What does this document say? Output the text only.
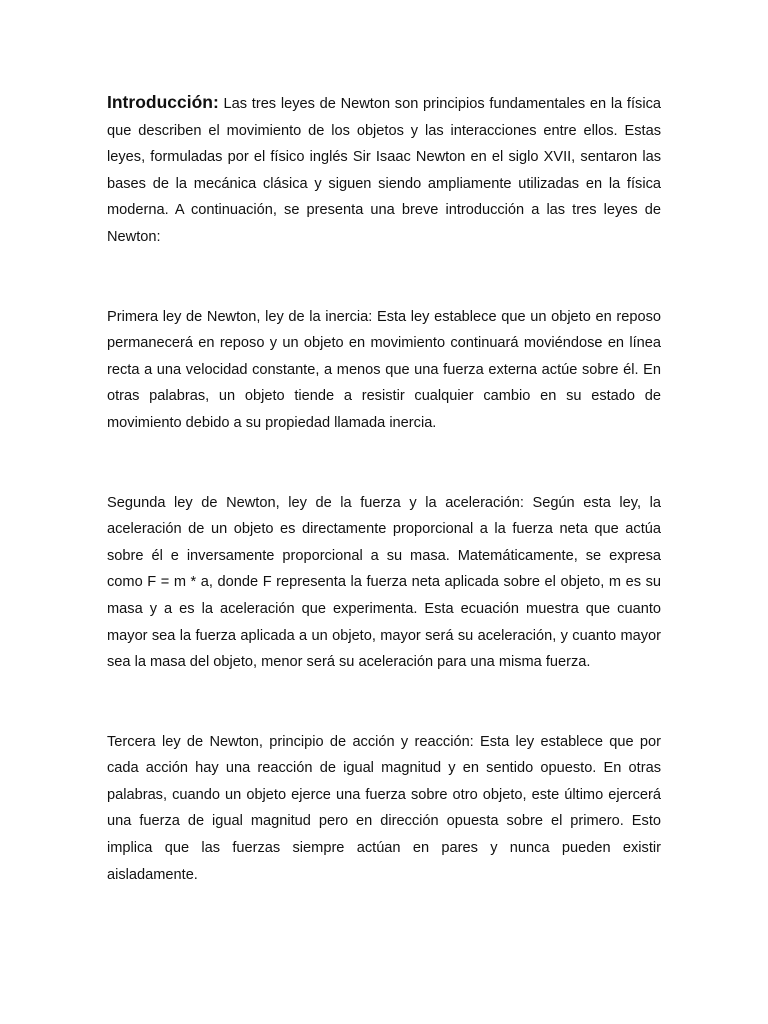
Introducción: Las tres leyes de Newton son principios fundamentales en la física que describen el movimiento de los objetos y las interacciones entre ellos. Estas leyes, formuladas por el físico inglés Sir Isaac Newton en el siglo XVII, sentaron las bases de la mecánica clásica y siguen siendo ampliamente utilizadas en la física moderna. A continuación, se presenta una breve introducción a las tres leyes de Newton:

Primera ley de Newton, ley de la inercia: Esta ley establece que un objeto en reposo permanecerá en reposo y un objeto en movimiento continuará moviéndose en línea recta a una velocidad constante, a menos que una fuerza externa actúe sobre él. En otras palabras, un objeto tiende a resistir cualquier cambio en su estado de movimiento debido a su propiedad llamada inercia.

Segunda ley de Newton, ley de la fuerza y la aceleración: Según esta ley, la aceleración de un objeto es directamente proporcional a la fuerza neta que actúa sobre él e inversamente proporcional a su masa. Matemáticamente, se expresa como F = m * a, donde F representa la fuerza neta aplicada sobre el objeto, m es su masa y a es la aceleración que experimenta. Esta ecuación muestra que cuanto mayor sea la fuerza aplicada a un objeto, mayor será su aceleración, y cuanto mayor sea la masa del objeto, menor será su aceleración para una misma fuerza.

Tercera ley de Newton, principio de acción y reacción: Esta ley establece que por cada acción hay una reacción de igual magnitud y en sentido opuesto. En otras palabras, cuando un objeto ejerce una fuerza sobre otro objeto, este último ejercerá una fuerza de igual magnitud pero en dirección opuesta sobre el primero. Esto implica que las fuerzas siempre actúan en pares y nunca pueden existir aisladamente.
